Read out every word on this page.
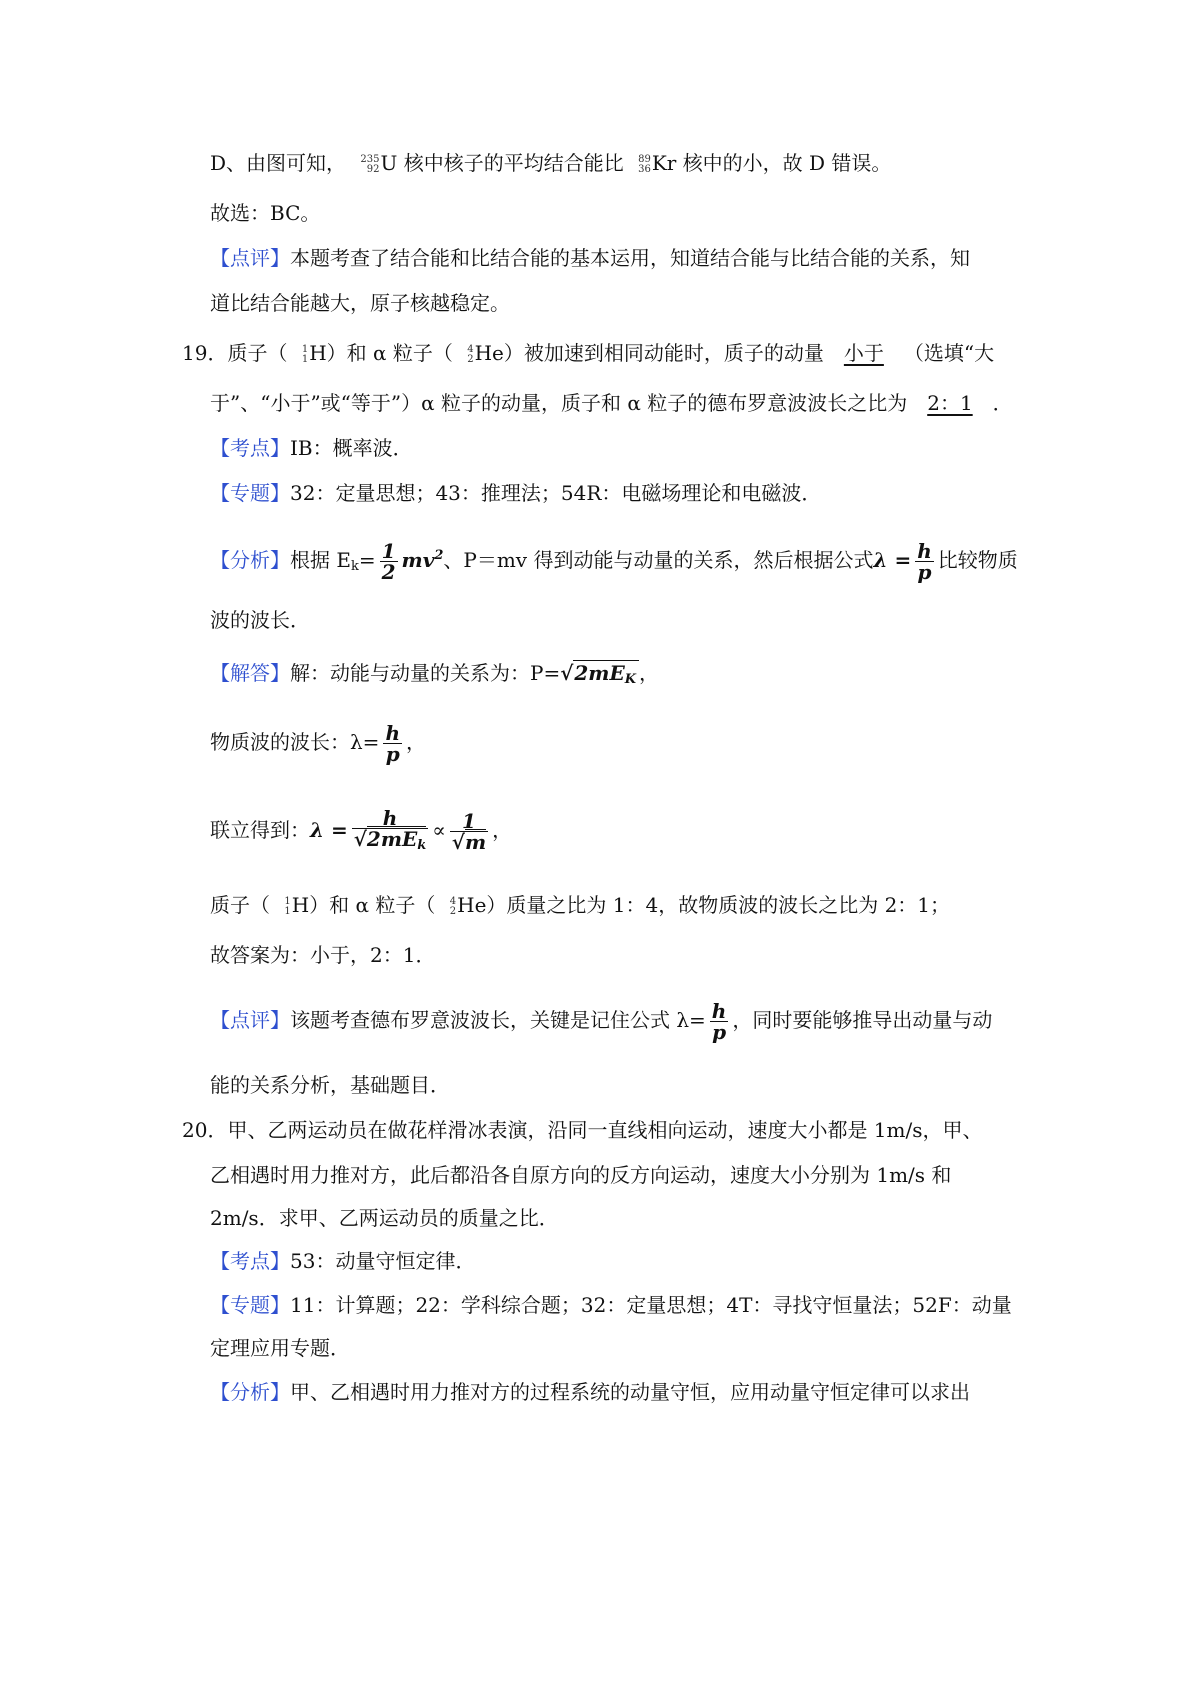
D、由图可知， 235
92 U 核中核子的平均结合能比 89
36 Kr 核中的小，故 D 错误。
故选：BC。
【点评】本题考查了结合能和比结合能的基本运用，知道结合能与比结合能的关系，知
道比结合能越大，原子核越稳定。
19．质子（ 1
1 H）和 α 粒子（ 4
2 He）被加速到相同动能时，质子的动量 小于 （选填“大
于”、“小于”或“等于”）α 粒子的动量，质子和 α 粒子的德布罗意波波长之比为 2：1 ．
【考点】IB：概率波．
【专题】32：定量思想；43：推理法；54R：电磁场理论和电磁波．
【分析】根据 $E_k= \frac{1}{2} mv^2$、P＝mv 得到动能与动量的关系，然后根据公式$\lambda = \frac{h}{p}$ 比较物质
波的波长．
【解答】解：动能与动量的关系为：$P=√2mE_K$ ，
物质波的波长：$\lambda= \frac{h}{p}$ ，
联立得到：$\lambda = \frac{h}{√2mE_k} \propto \frac{1}{√m}$ ，
质子（ 1
1 H）和 α 粒子（ 4
2 He）质量之比为 1：4，故物质波的波长之比为 2：1；
故答案为：小于，2：1．
【点评】该题考查德布罗意波波长，关键是记住公式 $\lambda= \frac{h}{p}$ ，同时要能够推导出动量与动
能的关系分析，基础题目．
20．甲、乙两运动员在做花样滑冰表演，沿同一直线相向运动，速度大小都是 1m/s，甲、
乙相遇时用力推对方，此后都沿各自原方向的反方向运动，速度大小分别为 1m/s 和
2m/s．求甲、乙两运动员的质量之比．
【考点】53：动量守恒定律．
【专题】11：计算题；22：学科综合题；32：定量思想；4T：寻找守恒量法；52F：动量
定理应用专题．
【分析】甲、乙相遇时用力推对方的过程系统的动量守恒，应用动量守恒定律可以求出
